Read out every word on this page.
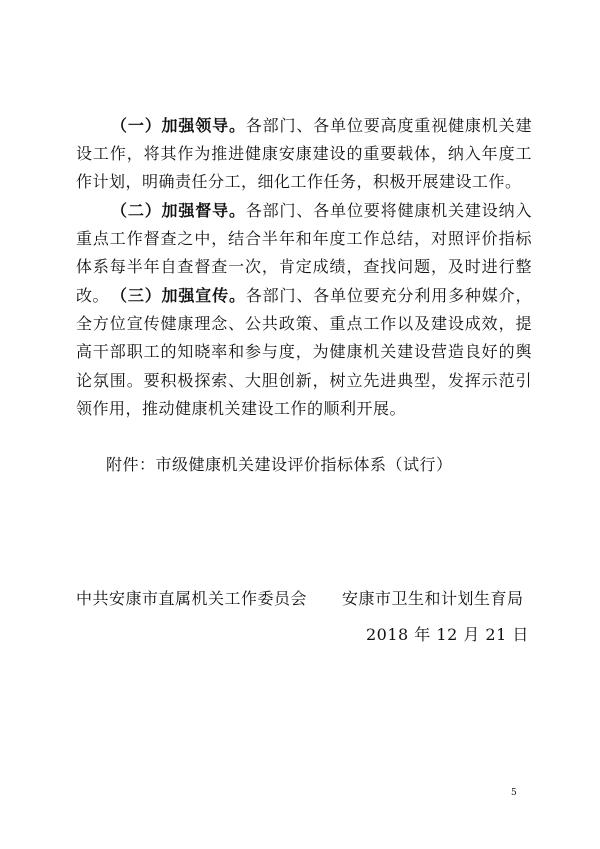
（一）加强领导。各部门、各单位要高度重视健康机关建设工作，将其作为推进健康安康建设的重要载体，纳入年度工作计划，明确责任分工，细化工作任务，积极开展建设工作。

（二）加强督导。各部门、各单位要将健康机关建设纳入重点工作督查之中，结合半年和年度工作总结，对照评价指标体系每半年自查督查一次，肯定成绩，查找问题，及时进行整改。 （三）加强宣传。各部门、各单位要充分利用多种媒介，全方位宣传健康理念、公共政策、重点工作以及建设成效，提高干部职工的知晓率和参与度，为健康机关建设营造良好的舆论氛围。要积极探索、大胆创新，树立先进典型，发挥示范引领作用，推动健康机关建设工作的顺利开展。

附件：市级健康机关建设评价指标体系（试行）

中共安康市直属机关工作委员会 安康市卫生和计划生育局

2018 年 12 月 21 日

5
